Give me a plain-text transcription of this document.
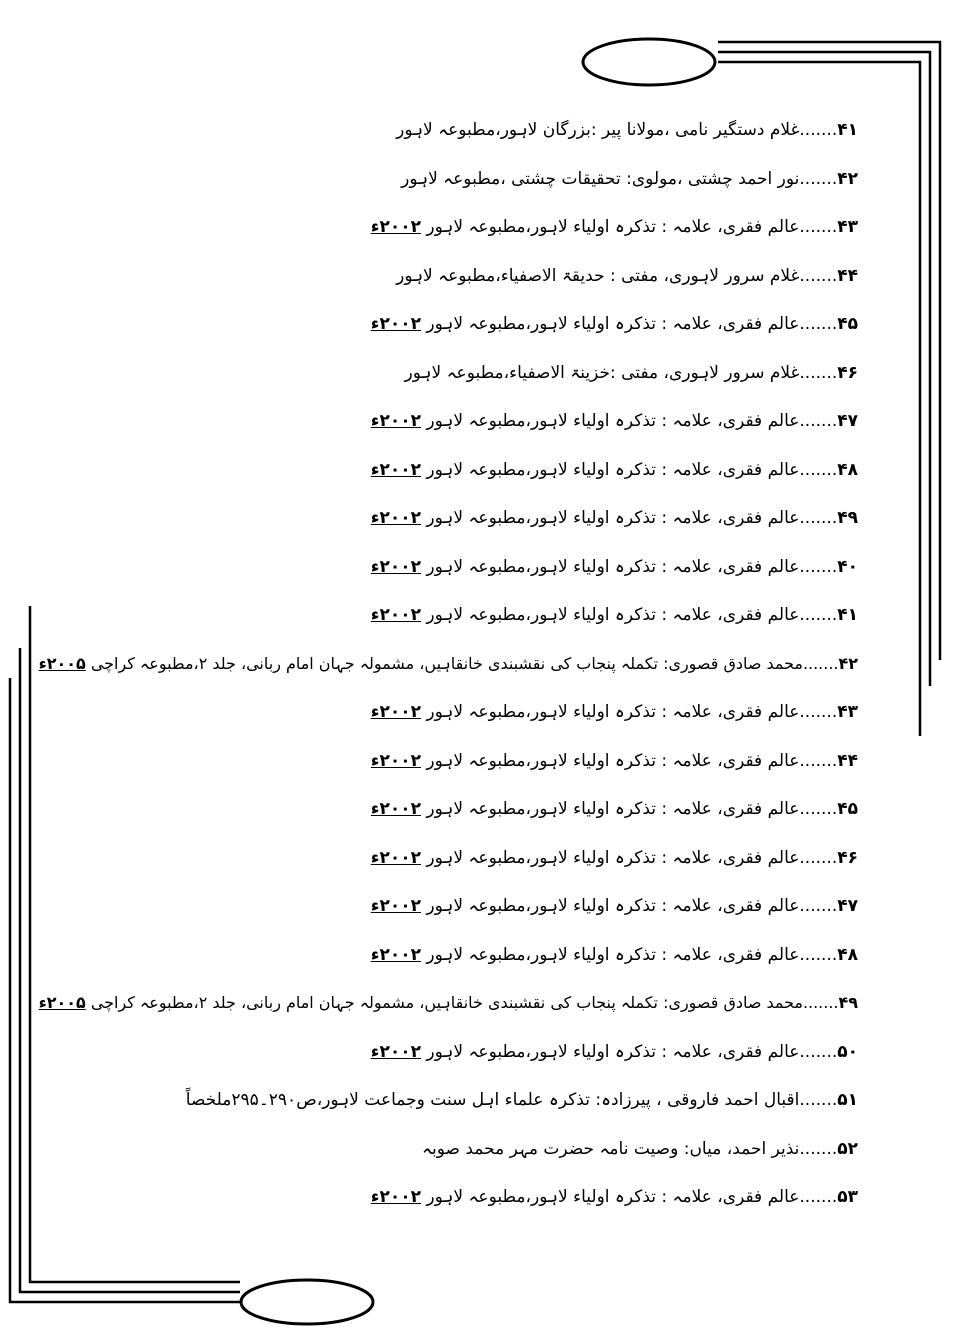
۴۱.......غلام دستگیر نامی ،مولانا پیر :بزرگان لاہور،مطبوعہ لاہور
۴۲.......نور احمد چشتی ،مولوی: تحقیقات چشتی ،مطبوعہ لاہور
۴۳.......عالم فقری، علامہ : تذکرہ اولیاء لاہور،مطبوعہ لاہور ۲۰۰۲ء
۴۴.......غلام سرور لاہوری، مفتی : حدیقۃ الاصفیاء،مطبوعہ لاہور
۴۵.......عالم فقری، علامہ : تذکرہ اولیاء لاہور،مطبوعہ لاہور ۲۰۰۲ء
۴۶.......غلام سرور لاہوری، مفتی :خزینۃ الاصفیاء،مطبوعہ لاہور
۴۷.......عالم فقری، علامہ : تذکرہ اولیاء لاہور،مطبوعہ لاہور ۲۰۰۲ء
۴۸.......عالم فقری، علامہ : تذکرہ اولیاء لاہور،مطبوعہ لاہور ۲۰۰۲ء
۴۹.......عالم فقری، علامہ : تذکرہ اولیاء لاہور،مطبوعہ لاہور ۲۰۰۲ء
۴۰.......عالم فقری، علامہ : تذکرہ اولیاء لاہور،مطبوعہ لاہور ۲۰۰۲ء
۴۱.......عالم فقری، علامہ : تذکرہ اولیاء لاہور،مطبوعہ لاہور ۲۰۰۲ء
۴۲.......محمد صادق قصوری: تکملہ پنجاب کی نقشبندی خانقاہیں، مشمولہ جہان امام ربانی، جلد ۲،مطبوعہ کراچی ۲۰۰۵ء
۴۳.......عالم فقری، علامہ : تذکرہ اولیاء لاہور،مطبوعہ لاہور ۲۰۰۲ء
۴۴.......عالم فقری، علامہ : تذکرہ اولیاء لاہور،مطبوعہ لاہور ۲۰۰۲ء
۴۵.......عالم فقری، علامہ : تذکرہ اولیاء لاہور،مطبوعہ لاہور ۲۰۰۲ء
۴۶.......عالم فقری، علامہ : تذکرہ اولیاء لاہور،مطبوعہ لاہور ۲۰۰۲ء
۴۷.......عالم فقری، علامہ : تذکرہ اولیاء لاہور،مطبوعہ لاہور ۲۰۰۲ء
۴۸.......عالم فقری، علامہ : تذکرہ اولیاء لاہور،مطبوعہ لاہور ۲۰۰۲ء
۴۹.......محمد صادق قصوری: تکملہ پنجاب کی نقشبندی خانقاہیں، مشمولہ جہان امام ربانی، جلد ۲،مطبوعہ کراچی ۲۰۰۵ء
۵۰.......عالم فقری، علامہ : تذکرہ اولیاء لاہور،مطبوعہ لاہور ۲۰۰۲ء
۵۱.......اقبال احمد فاروقی ، پیرزادہ: تذکرہ علماء اہل سنت وجماعت لاہور،ص۲۹۰۔۲۹۵ملخصاً
۵۲.......نذیر احمد، میاں: وصیت نامہ حضرت مہر محمد صوبہ
۵۳.......عالم فقری، علامہ : تذکرہ اولیاء لاہور،مطبوعہ لاہور ۲۰۰۲ء
